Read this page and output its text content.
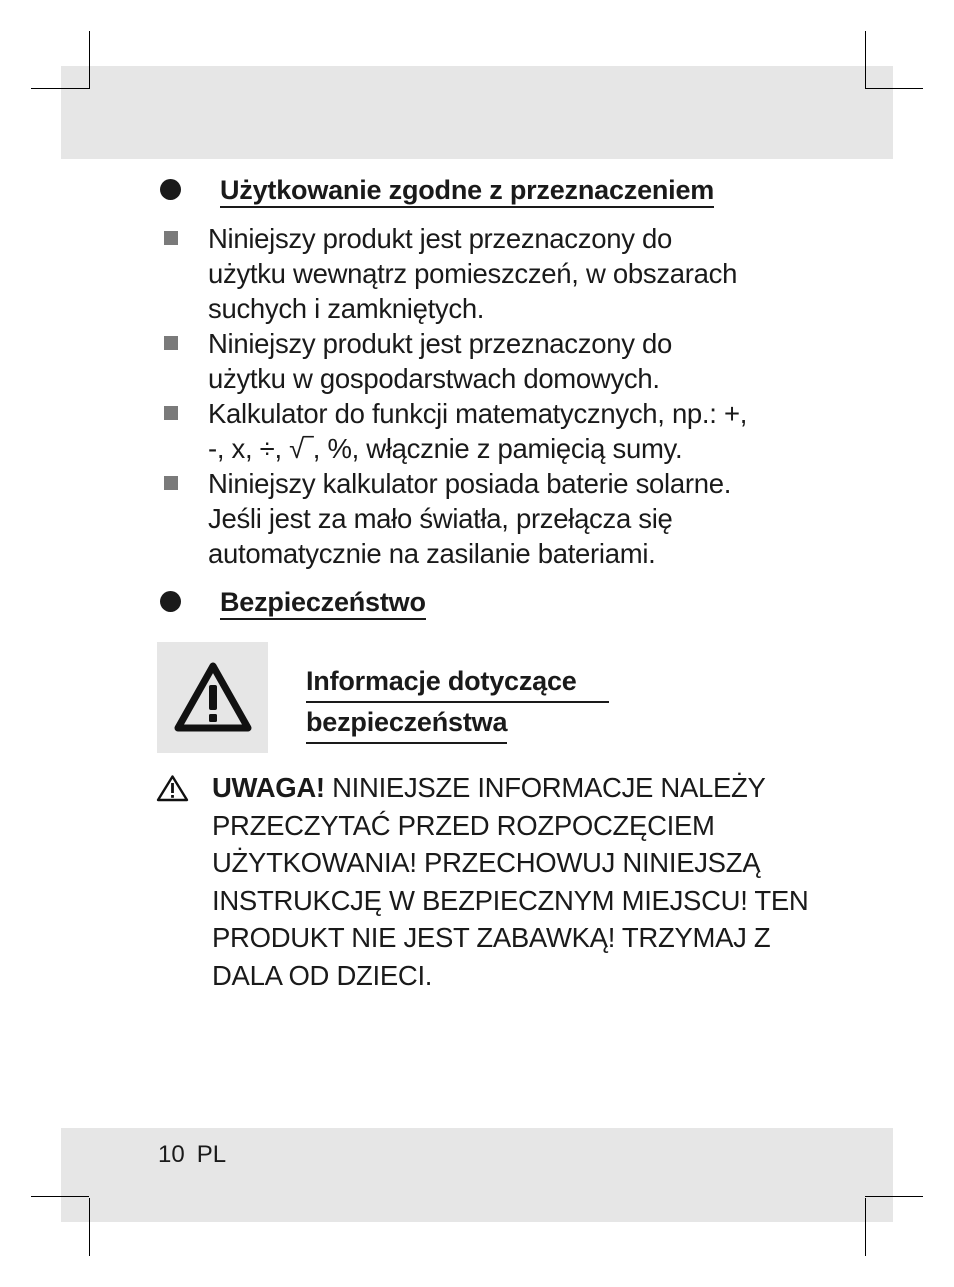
Użytkowanie zgodne z przeznaczeniem
Niniejszy produkt jest przeznaczony do
użytku wewnątrz pomieszczeń, w obszarach
suchych i zamkniętych.
Niniejszy produkt jest przeznaczony do
użytku w gospodarstwach domowych.
Kalkulator do funkcji matematycznych, np.: +,
-, x, ÷, √‾, %, włącznie z pamięcią sumy.
Niniejszy kalkulator posiada baterie solarne.
Jeśli jest za mało światła, przełącza się
automatycznie na zasilanie bateriami.
Bezpieczeństwo
Informacje dotyczące
bezpieczeństwa
UWAGA! NINIEJSZE INFORMACJE NALEŻY
PRZECZYTAĆ PRZED ROZPOCZĘCIEM
UŻYTKOWANIA! PRZECHOWUJ NINIEJSZĄ
INSTRUKCJĘ W BEZPIECZNYM MIEJSCU! TEN
PRODUKT NIE JEST ZABAWKĄ! TRZYMAJ Z
DALA OD DZIECI.
10 PL
